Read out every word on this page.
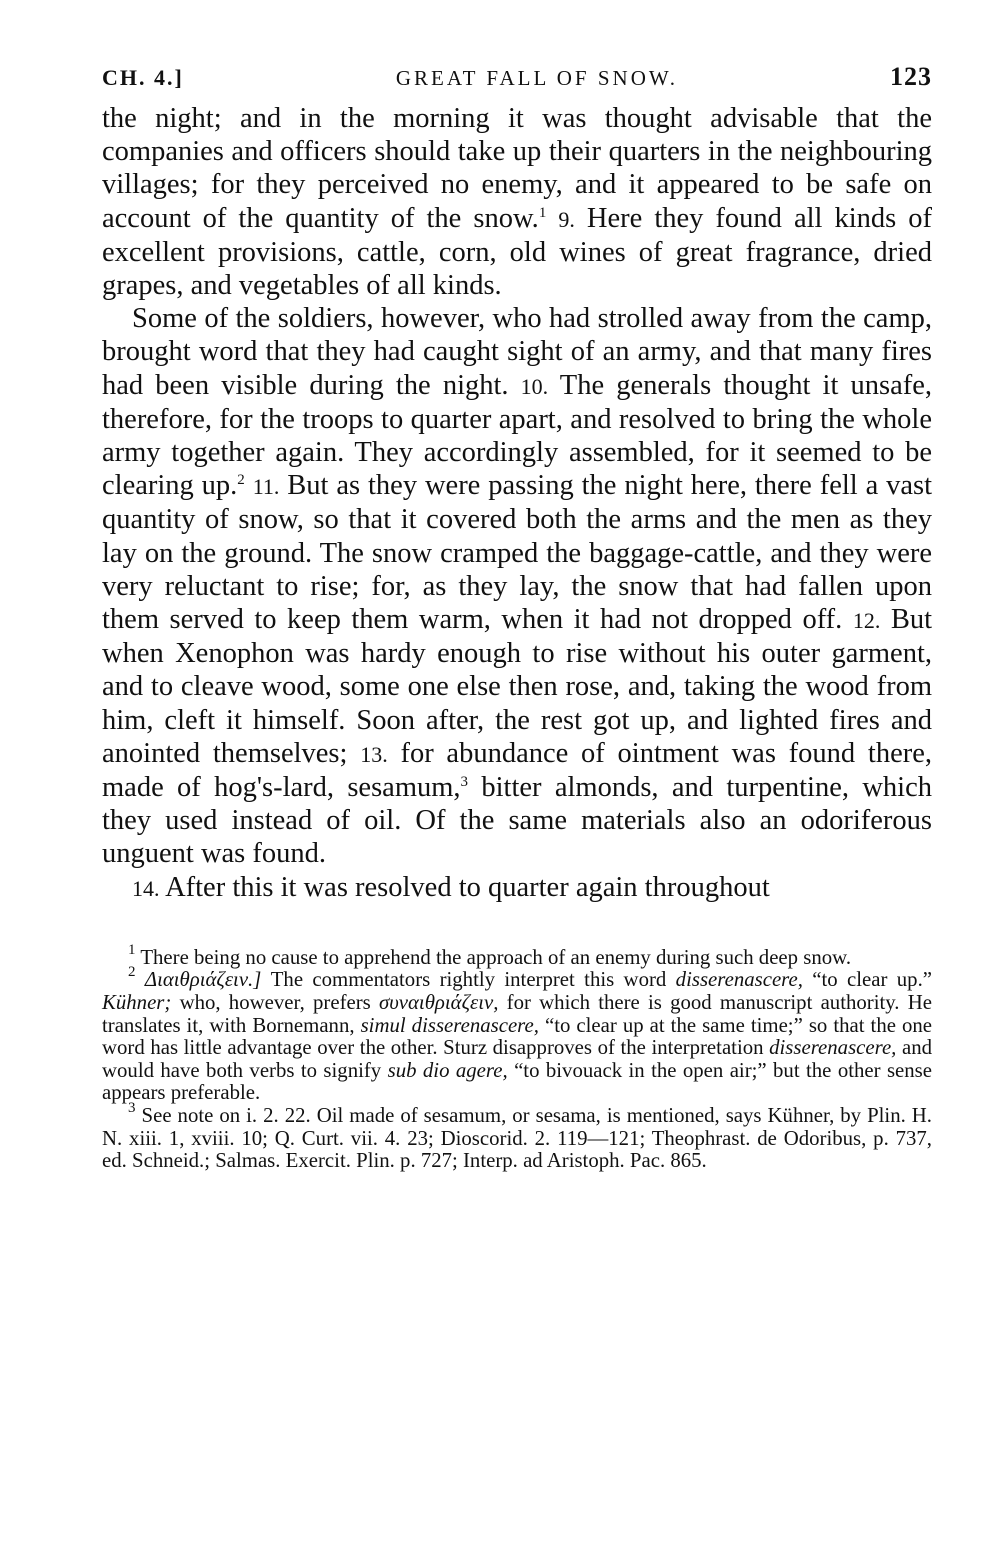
CH. 4.]	GREAT FALL OF SNOW.	123

the night; and in the morning it was thought advisable that the companies and officers should take up their quarters in the neighbouring villages; for they perceived no enemy, and it appeared to be safe on account of the quantity of the snow.$^1$ 9. Here they found all kinds of excellent provisions, cattle, corn, old wines of great fragrance, dried grapes, and vegetables of all kinds.

Some of the soldiers, however, who had strolled away from the camp, brought word that they had caught sight of an army, and that many fires had been visible during the night. 10. The generals thought it unsafe, therefore, for the troops to quarter apart, and resolved to bring the whole army together again. They accordingly assembled, for it seemed to be clearing up.$^2$ 11. But as they were passing the night here, there fell a vast quantity of snow, so that it covered both the arms and the men as they lay on the ground. The snow cramped the baggage-cattle, and they were very reluctant to rise; for, as they lay, the snow that had fallen upon them served to keep them warm, when it had not dropped off. 12. But when Xenophon was hardy enough to rise without his outer garment, and to cleave wood, some one else then rose, and, taking the wood from him, cleft it himself. Soon after, the rest got up, and lighted fires and anointed themselves; 13. for abundance of ointment was found there, made of hog's-lard, sesamum,$^3$ bitter almonds, and turpentine, which they used instead of oil. Of the same materials also an odoriferous unguent was found.

14. After this it was resolved to quarter again throughout

$^1$ There being no cause to apprehend the approach of an enemy during such deep snow.

$^2$ Διαιθριάζειν.] The commentators rightly interpret this word disserenascere, “to clear up.” Kühner; who, however, prefers συναιθριάζειν, for which there is good manuscript authority. He translates it, with Bornemann, simul disserenascere, “to clear up at the same time;” so that the one word has little advantage over the other. Sturz disapproves of the interpretation disserenascere, and would have both verbs to signify sub dio agere, “to bivouack in the open air;” but the other sense appears preferable.

$^3$ See note on i. 2. 22. Oil made of sesamum, or sesama, is mentioned, says Kühner, by Plin. H. N. xiii. 1, xviii. 10; Q. Curt. vii. 4. 23; Dioscorid. 2. 119—121; Theophrast. de Odoribus, p. 737, ed. Schneid.; Salmas. Exercit. Plin. p. 727; Interp. ad Aristoph. Pac. 865.
